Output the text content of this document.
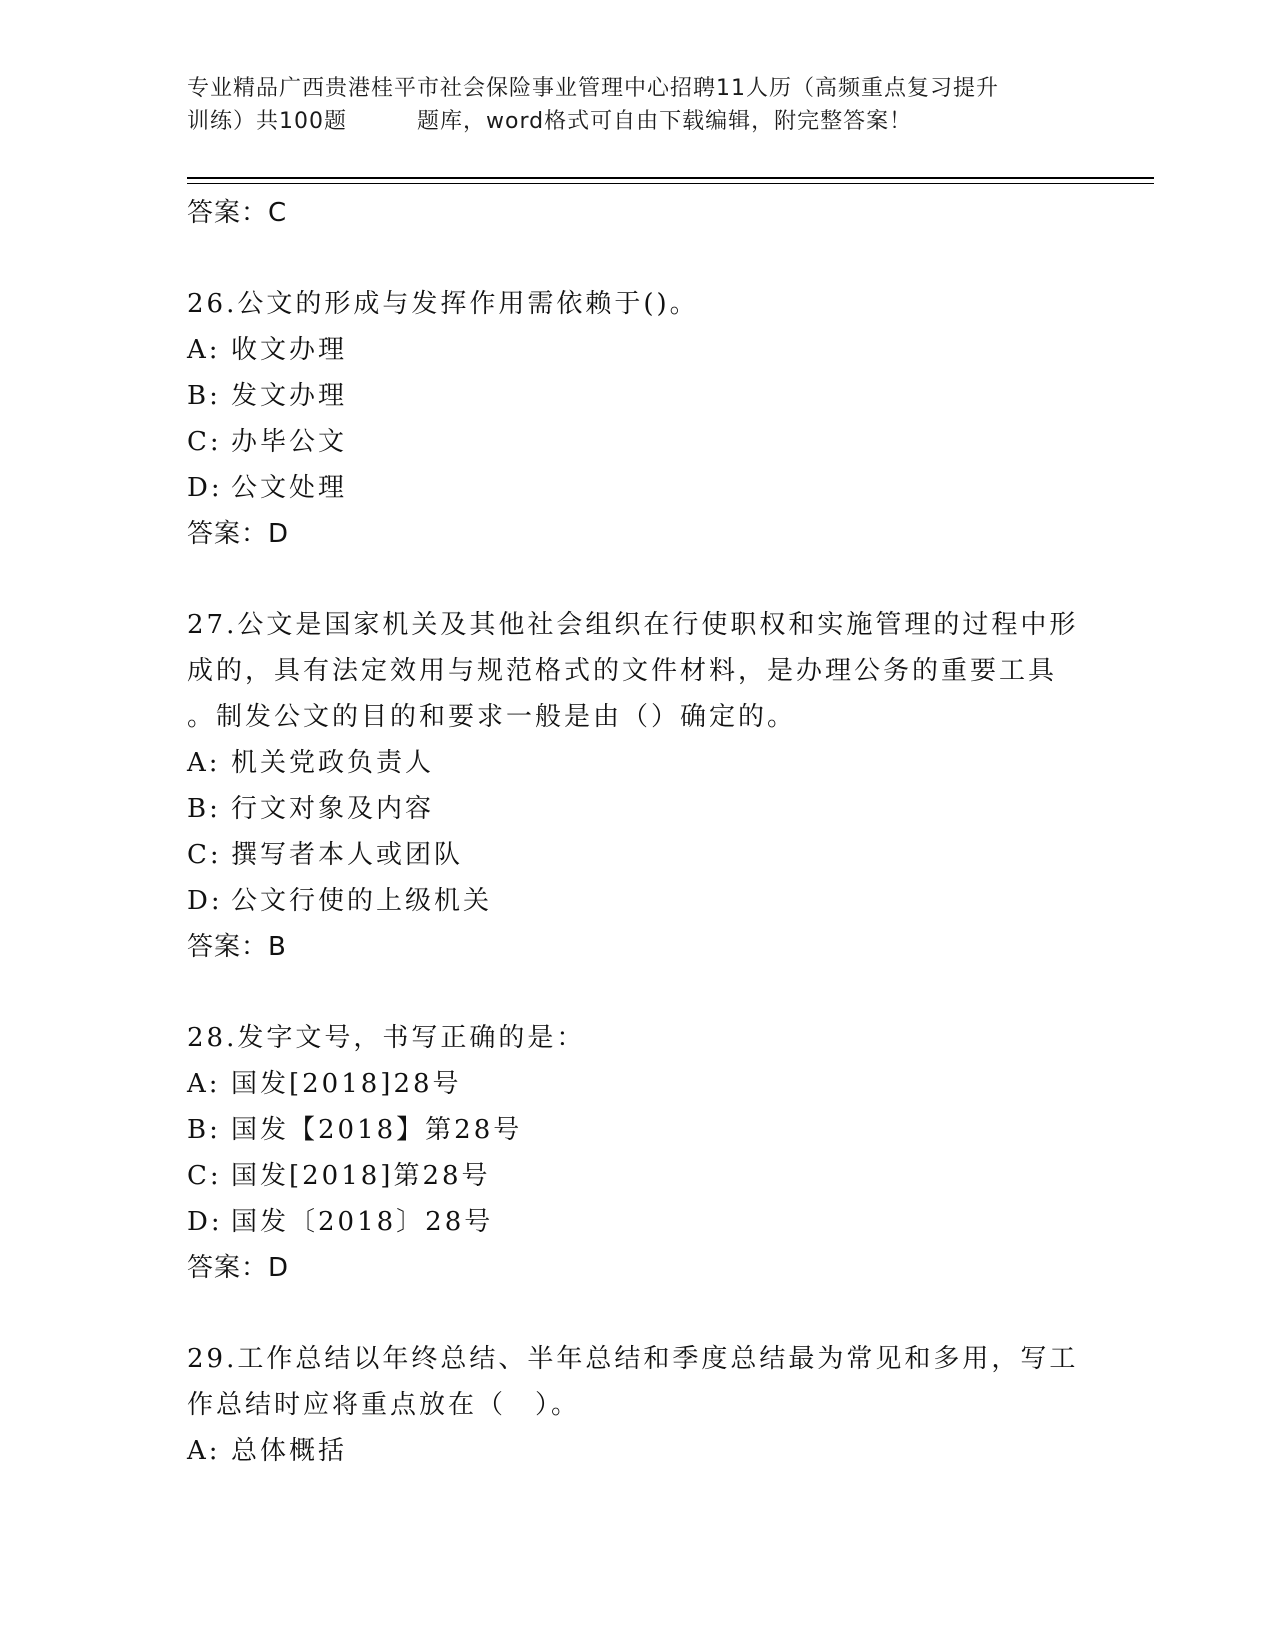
专业精品广西贵港桂平市社会保险事业管理中心招聘11人历（高频重点复习提升
训练）共100题	题库，word格式可自由下载编辑，附完整答案！
答案：C
26.公文的形成与发挥作用需依赖于()。
A: 收文办理
B: 发文办理
C: 办毕公文
D: 公文处理
答案：D
27.公文是国家机关及其他社会组织在行使职权和实施管理的过程中形
成的，具有法定效用与规范格式的文件材料，是办理公务的重要工具
。制发公文的目的和要求一般是由（）确定的。
A: 机关党政负责人
B: 行文对象及内容
C: 撰写者本人或团队
D: 公文行使的上级机关
答案：B
28.发字文号，书写正确的是：
A: 国发[2018]28号
B: 国发【2018】第28号
C: 国发[2018]第28号
D: 国发〔2018〕28号
答案：D
29.工作总结以年终总结、半年总结和季度总结最为常见和多用，写工
作总结时应将重点放在（　）。
A: 总体概括
